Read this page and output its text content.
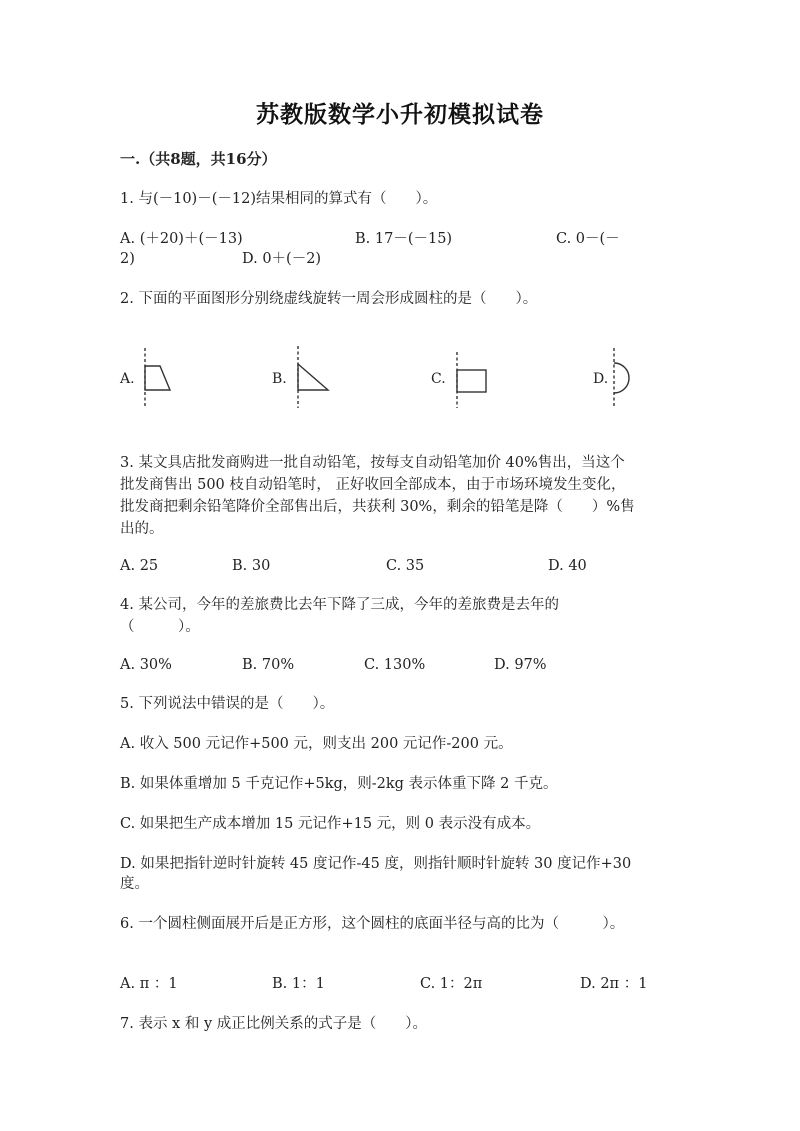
苏教版数学小升初模拟试卷
一.（共8题，共16分）
1. 与(－10)－(－12)结果相同的算式有（　　）。
A. (＋20)＋(－13)	B. 17－(－15)	C. 0－(－
2)	D. 0＋(－2)
2. 下面的平面图形分别绕虚线旋转一周会形成圆柱的是（　　）。
A.	B.	C.	D.
3. 某文具店批发商购进一批自动铅笔，按每支自动铅笔加价 40%售出，当这个
批发商售出 500 枝自动铅笔时， 正好收回全部成本，由于市场环境发生变化，
批发商把剩余铅笔降价全部售出后，共获利 30%，剩余的铅笔是降（　　）%售
出的。
A. 25	B. 30	C. 35	D. 40
4. 某公司，今年的差旅费比去年下降了三成，今年的差旅费是去年的
（　　　）。
A. 30%	B. 70%	C. 130%	D. 97%
5. 下列说法中错误的是（　　）。
A. 收入 500 元记作+500 元，则支出 200 元记作-200 元。
B. 如果体重增加 5 千克记作+5kg，则-2kg 表示体重下降 2 千克。
C. 如果把生产成本增加 15 元记作+15 元，则 0 表示没有成本。
D. 如果把指针逆时针旋转 45 度记作-45 度，则指针顺时针旋转 30 度记作+30
度。
6. 一个圆柱侧面展开后是正方形，这个圆柱的底面半径与高的比为（　　　）。
A. π ：1	B. 1：1	C. 1：2π	D. 2π ：1
7. 表示 x 和 y 成正比例关系的式子是（　　）。
